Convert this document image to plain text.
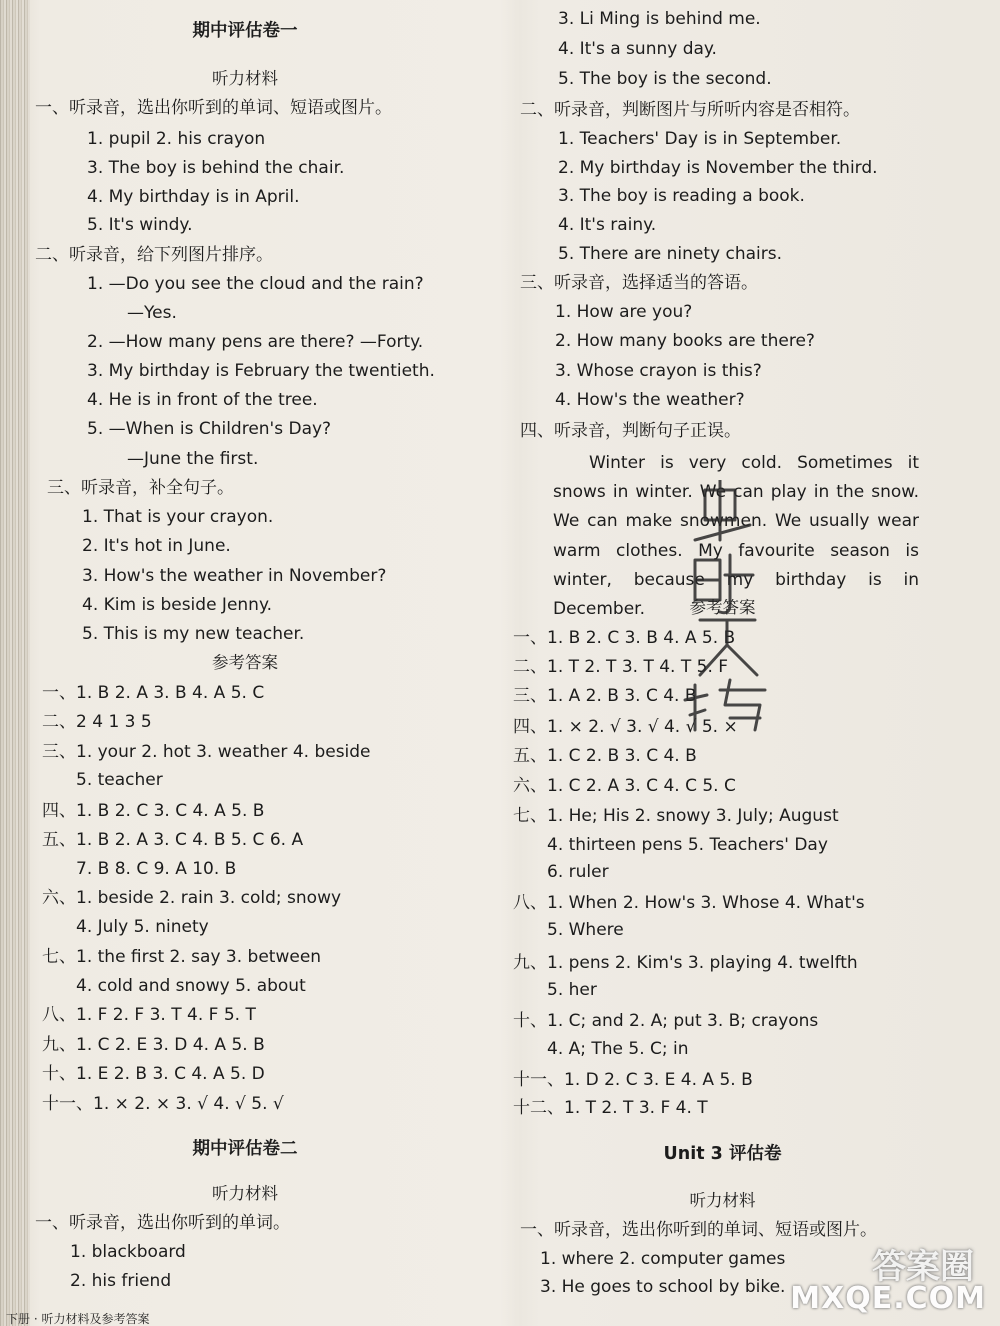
期中评估卷一
听力材料
一、听录音，选出你听到的单词、短语或图片。
1. pupil 2. his crayon
3. The boy is behind the chair.
4. My birthday is in April.
5. It's windy.
二、听录音，给下列图片排序。
1. —Do you see the cloud and the rain?
—Yes.
2. —How many pens are there? —Forty.
3. My birthday is February the twentieth.
4. He is in front of the tree.
5. —When is Children's Day?
—June the first.
三、听录音，补全句子。
1. That is your crayon.
2. It's hot in June.
3. How's the weather in November?
4. Kim is beside Jenny.
5. This is my new teacher.
参考答案
一、1. B 2. A 3. B 4. A 5. C
二、2 4 1 3 5
三、1. your 2. hot 3. weather 4. beside
5. teacher
四、1. B 2. C 3. C 4. A 5. B
五、1. B 2. A 3. C 4. B 5. C 6. A
7. B 8. C 9. A 10. B
六、1. beside 2. rain 3. cold; snowy
4. July 5. ninety
七、1. the first 2. say 3. between
4. cold and snowy 5. about
八、1. F 2. F 3. T 4. F 5. T
九、1. C 2. E 3. D 4. A 5. B
十、1. E 2. B 3. C 4. A 5. D
十一、1. × 2. × 3. √ 4. √ 5. √
期中评估卷二
听力材料
一、听录音，选出你听到的单词。
1. blackboard
2. his friend
Winter is very cold. Sometimes it snows in winter. We can play in the snow. We can make snowmen. We usually wear warm clothes. My favourite season is winter, because my birthday is in December.
3. Li Ming is behind me.
4. It's a sunny day.
5. The boy is the second.
二、听录音，判断图片与所听内容是否相符。
1. Teachers' Day is in September.
2. My birthday is November the third.
3. The boy is reading a book.
4. It's rainy.
5. There are ninety chairs.
三、听录音，选择适当的答语。
1. How are you?
2. How many books are there?
3. Whose crayon is this?
4. How's the weather?
四、听录音，判断句子正误。
参考答案
一、1. B 2. C 3. B 4. A 5. B
二、1. T 2. T 3. T 4. T 5. F
三、1. A 2. B 3. C 4. B
四、1. × 2. √ 3. √ 4. √ 5. ×
五、1. C 2. B 3. C 4. B
六、1. C 2. A 3. C 4. C 5. C
七、1. He; His 2. snowy 3. July; August
4. thirteen pens 5. Teachers' Day
6. ruler
八、1. When 2. How's 3. Whose 4. What's
5. Where
九、1. pens 2. Kim's 3. playing 4. twelfth
5. her
十、1. C; and 2. A; put 3. B; crayons
4. A; The 5. C; in
十一、1. D 2. C 3. E 4. A 5. B
十二、1. T 2. T 3. F 4. T
Unit 3 评估卷
听力材料
一、听录音，选出你听到的单词、短语或图片。
1. where 2. computer games
3. He goes to school by bike.
下册 · 听力材料及参考答案
答案圈
MXQE.COM
